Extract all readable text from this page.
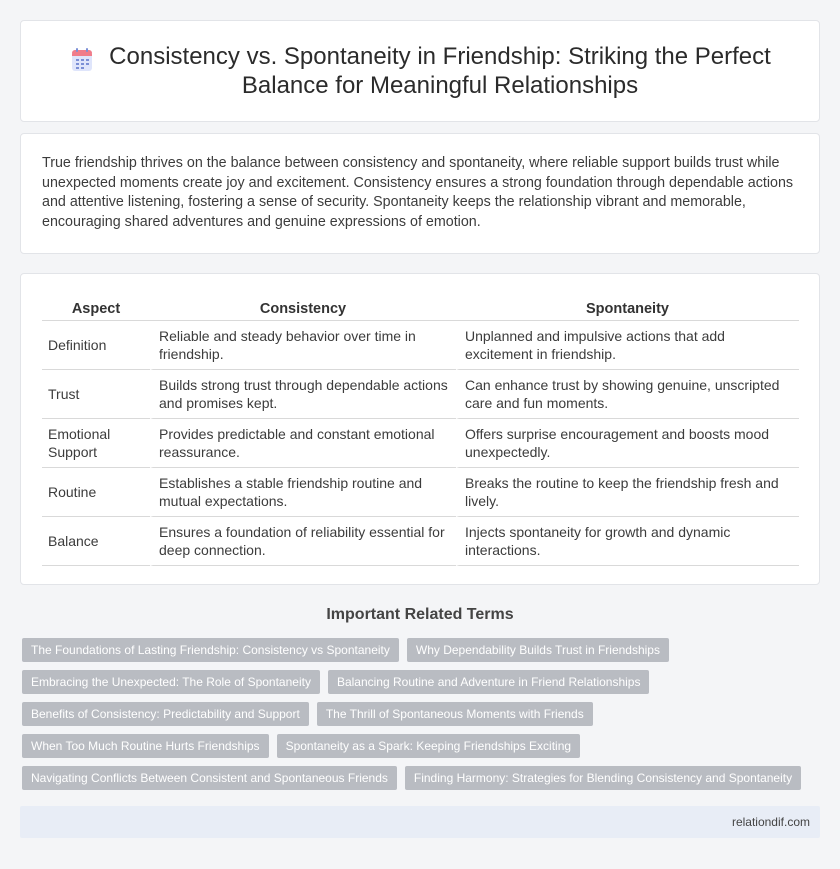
Consistency vs. Spontaneity in Friendship: Striking the Perfect Balance for Meaningful Relationships

True friendship thrives on the balance between consistency and spontaneity, where reliable support builds trust while unexpected moments create joy and excitement. Consistency ensures a strong foundation through dependable actions and attentive listening, fostering a sense of security. Spontaneity keeps the relationship vibrant and memorable, encouraging shared adventures and genuine expressions of emotion.

Aspect	Consistency	Spontaneity
Definition	Reliable and steady behavior over time in friendship.	Unplanned and impulsive actions that add excitement in friendship.
Trust	Builds strong trust through dependable actions and promises kept.	Can enhance trust by showing genuine, unscripted care and fun moments.
Emotional Support	Provides predictable and constant emotional reassurance.	Offers surprise encouragement and boosts mood unexpectedly.
Routine	Establishes a stable friendship routine and mutual expectations.	Breaks the routine to keep the friendship fresh and lively.
Balance	Ensures a foundation of reliability essential for deep connection.	Injects spontaneity for growth and dynamic interactions.
Important Related Terms
The Foundations of Lasting Friendship: Consistency vs Spontaneity	Why Dependability Builds Trust in Friendships
Embracing the Unexpected: The Role of Spontaneity	Balancing Routine and Adventure in Friend Relationships
Benefits of Consistency: Predictability and Support	The Thrill of Spontaneous Moments with Friends
When Too Much Routine Hurts Friendships	Spontaneity as a Spark: Keeping Friendships Exciting
Navigating Conflicts Between Consistent and Spontaneous Friends	Finding Harmony: Strategies for Blending Consistency and Spontaneity
relationdif.com
